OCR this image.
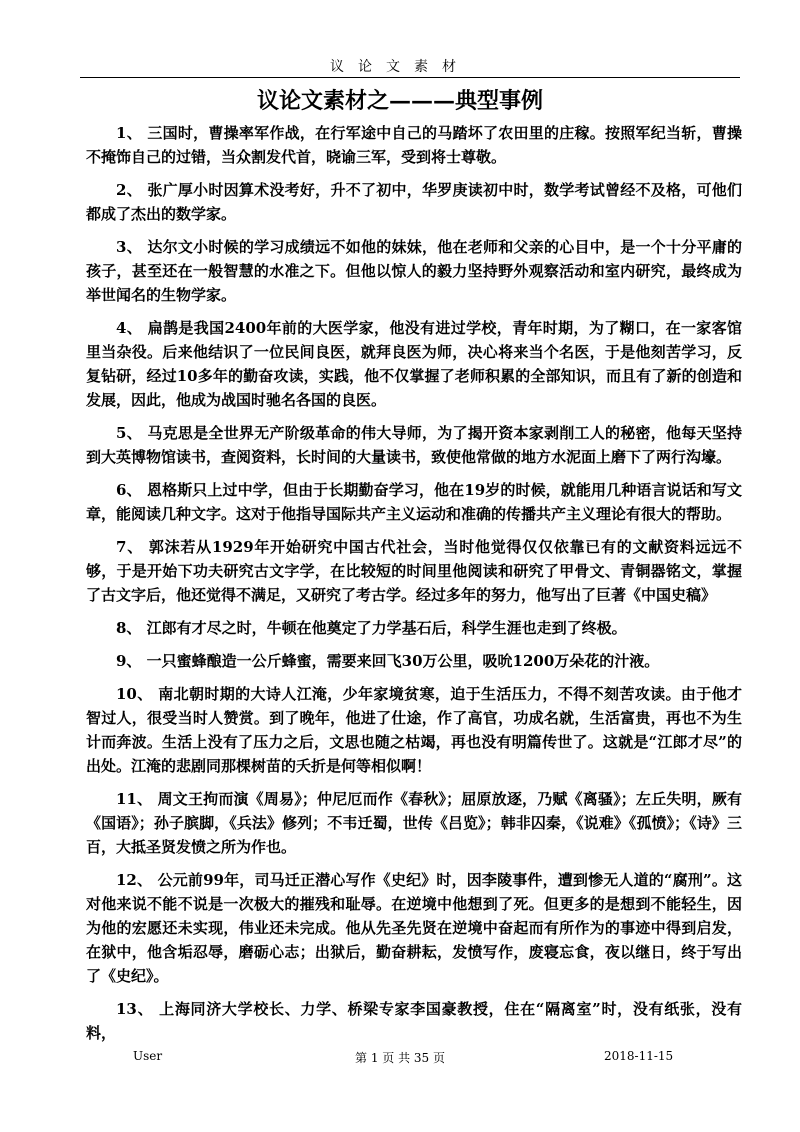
议论文素材
议论文素材之———典型事例

1、 三国时，曹操率军作战，在行军途中自己的马踏坏了农田里的庄稼。按照军纪当斩，曹操不掩饰自己的过错，当众割发代首，晓谕三军，受到将士尊敬。

2、 张广厚小时因算术没考好，升不了初中，华罗庚读初中时，数学考试曾经不及格，可他们都成了杰出的数学家。

3、 达尔文小时候的学习成绩远不如他的妹妹，他在老师和父亲的心目中，是一个十分平庸的孩子，甚至还在一般智慧的水准之下。但他以惊人的毅力坚持野外观察活动和室内研究，最终成为举世闻名的生物学家。

4、 扁鹊是我国2400年前的大医学家，他没有进过学校，青年时期，为了糊口，在一家客馆里当杂役。后来他结识了一位民间良医，就拜良医为师，决心将来当个名医，于是他刻苦学习，反复钻研，经过10多年的勤奋攻读，实践，他不仅掌握了老师积累的全部知识，而且有了新的创造和发展，因此，他成为战国时驰名各国的良医。

5、 马克思是全世界无产阶级革命的伟大导师，为了揭开资本家剥削工人的秘密，他每天坚持到大英博物馆读书，查阅资料，长时间的大量读书，致使他常做的地方水泥面上磨下了两行沟壕。

6、 恩格斯只上过中学，但由于长期勤奋学习，他在19岁的时候，就能用几种语言说话和写文章，能阅读几种文字。这对于他指导国际共产主义运动和准确的传播共产主义理论有很大的帮助。

7、 郭沫若从1929年开始研究中国古代社会，当时他觉得仅仅依靠已有的文献资料远远不够，于是开始下功夫研究古文字学，在比较短的时间里他阅读和研究了甲骨文、青铜器铭文，掌握了古文字后，他还觉得不满足，又研究了考古学。经过多年的努力，他写出了巨著《中国史稿》

8、 江郎有才尽之时，牛顿在他奠定了力学基石后，科学生涯也走到了终极。

9、 一只蜜蜂酿造一公斤蜂蜜，需要来回飞30万公里，吸吮1200万朵花的汁液。

10、 南北朝时期的大诗人江淹，少年家境贫寒，迫于生活压力，不得不刻苦攻读。由于他才智过人，很受当时人赞赏。到了晚年，他进了仕途，作了高官，功成名就，生活富贵，再也不为生计而奔波。生活上没有了压力之后，文思也随之枯竭，再也没有明篇传世了。这就是“江郎才尽”的出处。江淹的悲剧同那棵树苗的夭折是何等相似啊！

11、 周文王拘而演《周易》；仲尼厄而作《春秋》；屈原放逐，乃赋《离骚》；左丘失明，厥有《国语》；孙子膑脚，《兵法》修列；不韦迁蜀，世传《吕览》；韩非囚秦，《说难》《孤愤》；《诗》三百，大抵圣贤发愤之所为作也。

12、 公元前99年，司马迁正潜心写作《史纪》时，因李陵事件，遭到惨无人道的“腐刑”。这对他来说不能不说是一次极大的摧残和耻辱。在逆境中他想到了死。但更多的是想到不能轻生，因为他的宏愿还未实现，伟业还未完成。他从先圣先贤在逆境中奋起而有所作为的事迹中得到启发，在狱中，他含垢忍辱，磨砺心志；出狱后，勤奋耕耘，发愤写作，废寝忘食，夜以继日，终于写出了《史纪》。

13、 上海同济大学校长、力学、桥梁专家李国豪教授，住在“隔离室”时，没有纸张，没有料，

User	第 1 页 共 35 页	2018-11-15
